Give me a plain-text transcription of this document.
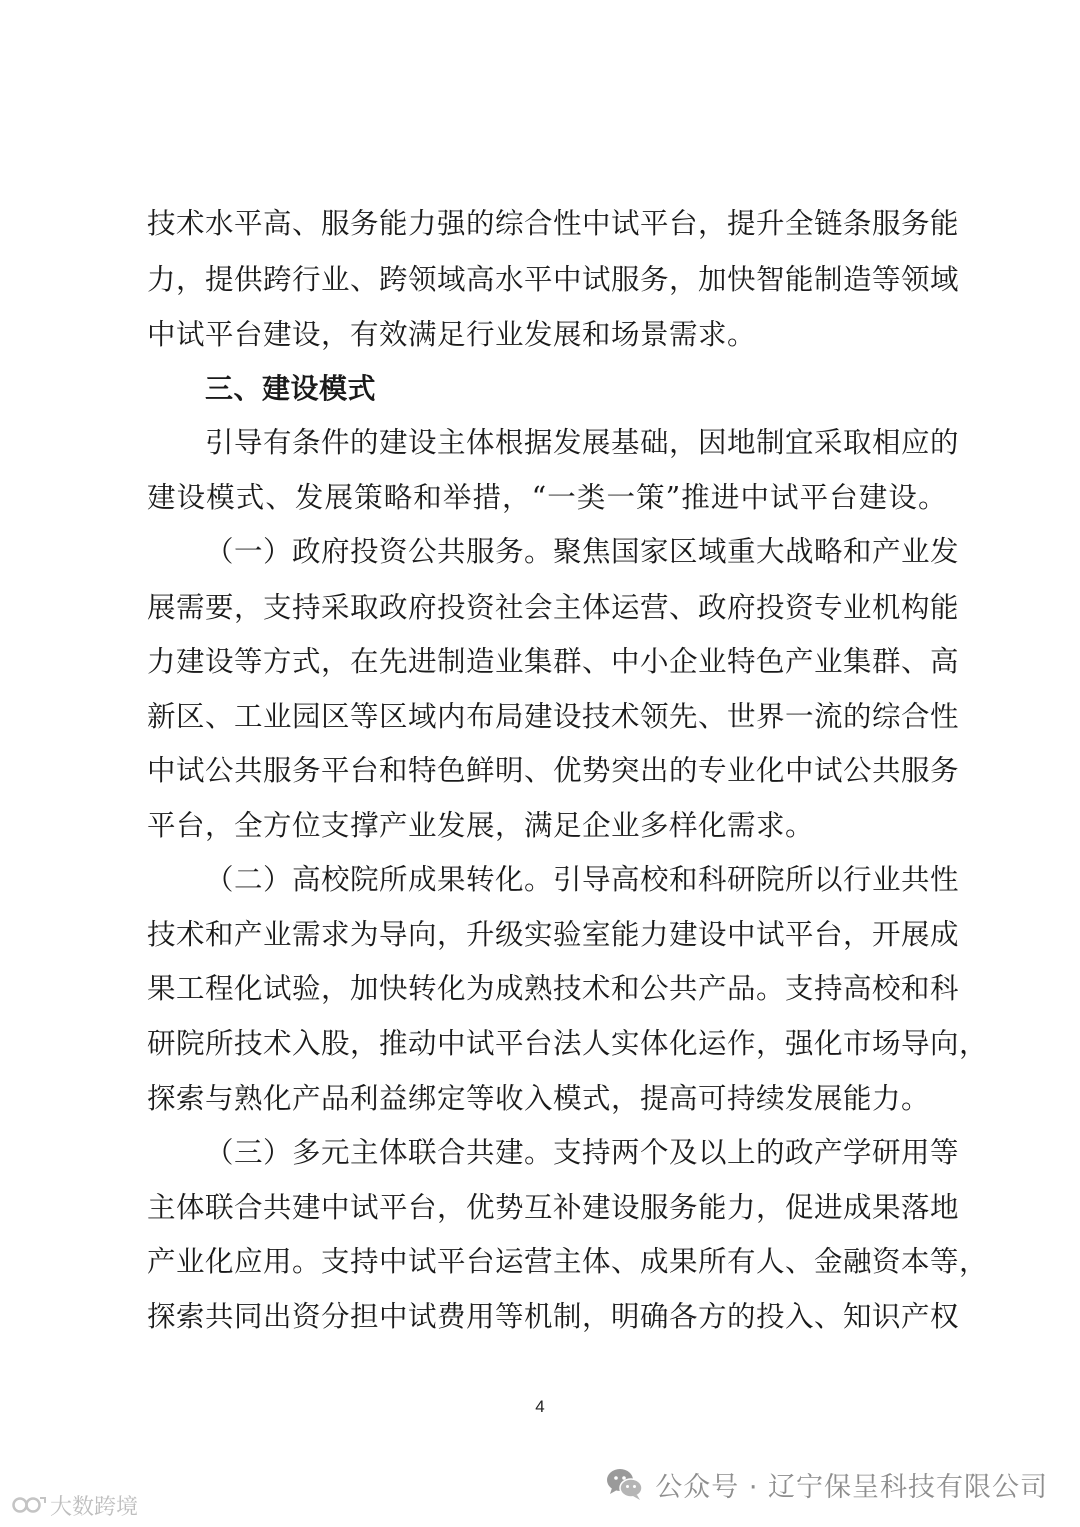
技术水平高、服务能力强的综合性中试平台，提升全链条服务能
力，提供跨行业、跨领域高水平中试服务，加快智能制造等领域
中试平台建设，有效满足行业发展和场景需求。
三、建设模式
引导有条件的建设主体根据发展基础，因地制宜采取相应的
建设模式、发展策略和举措，“一类一策”推进中试平台建设。
（一）政府投资公共服务。聚焦国家区域重大战略和产业发
展需要，支持采取政府投资社会主体运营、政府投资专业机构能
力建设等方式，在先进制造业集群、中小企业特色产业集群、高
新区、工业园区等区域内布局建设技术领先、世界一流的综合性
中试公共服务平台和特色鲜明、优势突出的专业化中试公共服务
平台，全方位支撑产业发展，满足企业多样化需求。
（二）高校院所成果转化。引导高校和科研院所以行业共性
技术和产业需求为导向，升级实验室能力建设中试平台，开展成
果工程化试验，加快转化为成熟技术和公共产品。支持高校和科
研院所技术入股，推动中试平台法人实体化运作，强化市场导向，
探索与熟化产品利益绑定等收入模式，提高可持续发展能力。
（三）多元主体联合共建。支持两个及以上的政产学研用等
主体联合共建中试平台，优势互补建设服务能力，促进成果落地
产业化应用。支持中试平台运营主体、成果所有人、金融资本等，
探索共同出资分担中试费用等机制，明确各方的投入、知识产权
4
公众号 · 辽宁保呈科技有限公司
大数跨境
